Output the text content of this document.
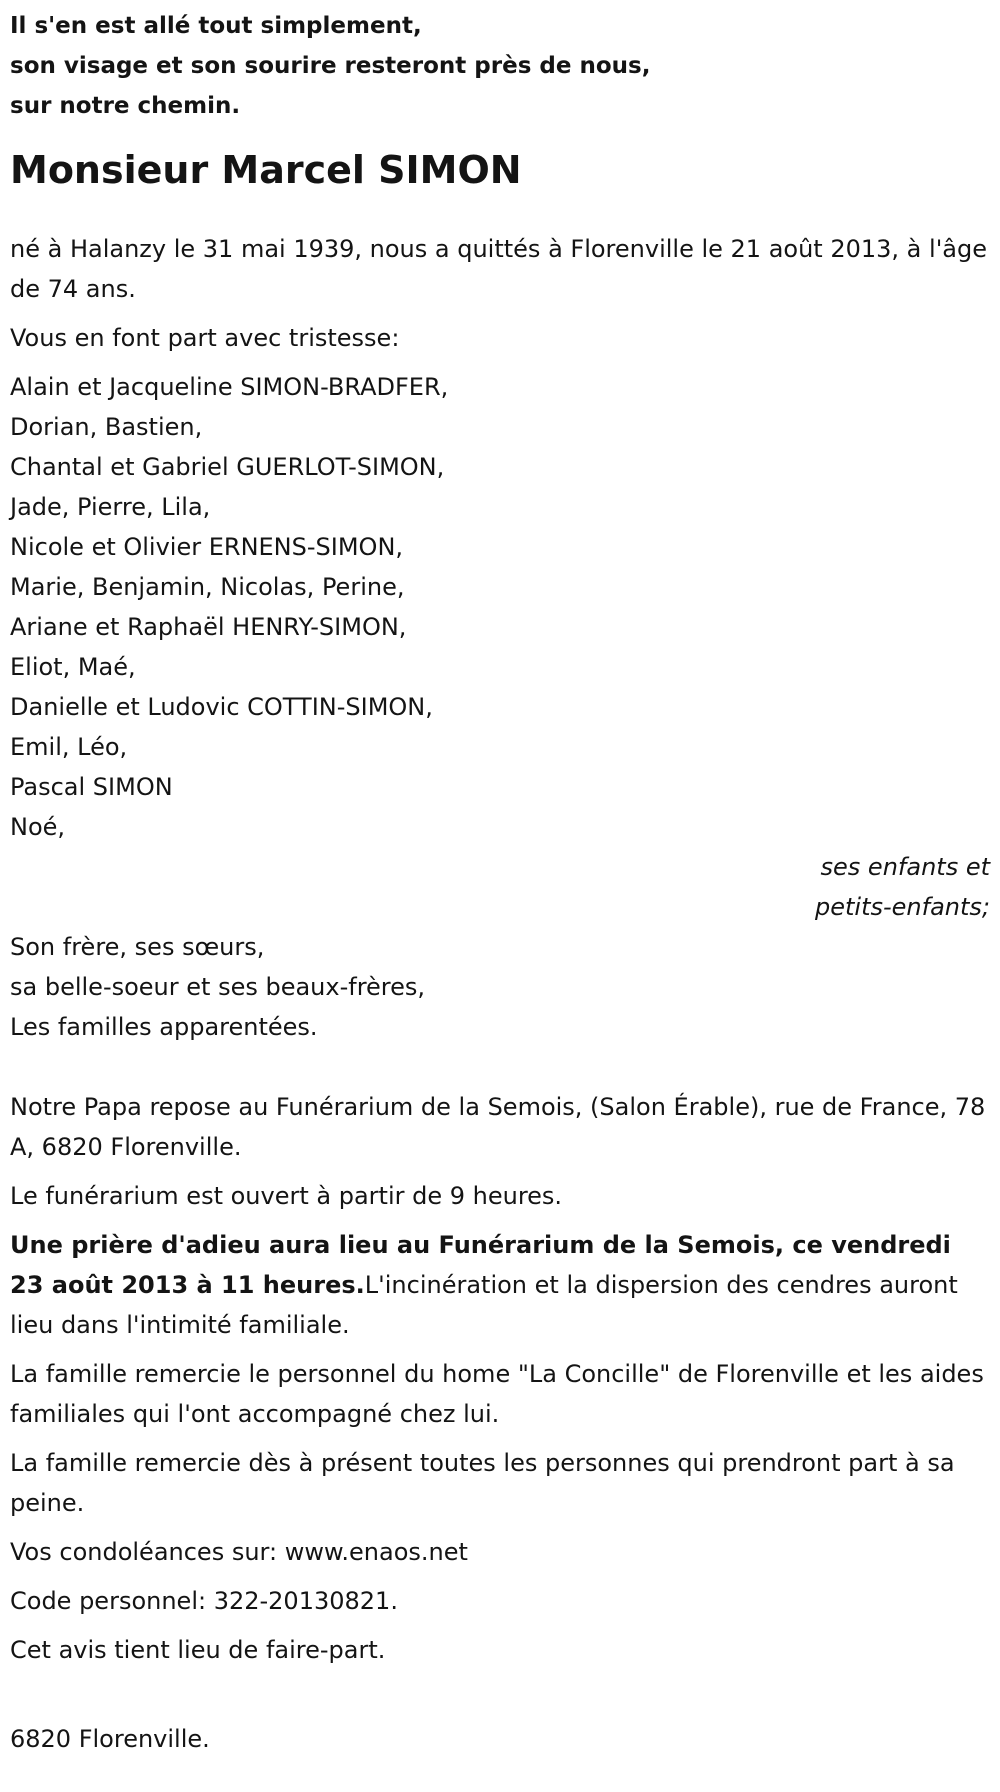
Il s'en est allé tout simplement,
son visage et son sourire resteront près de nous,
sur notre chemin.
Monsieur Marcel SIMON

né à Halanzy le 31 mai 1939, nous a quittés à Florenville le 21 août 2013, à l'âge de 74 ans.

Vous en font part avec tristesse:

Alain et Jacqueline SIMON-BRADFER,
Dorian, Bastien,
Chantal et Gabriel GUERLOT-SIMON,
Jade, Pierre, Lila,
Nicole et Olivier ERNENS-SIMON,
Marie, Benjamin, Nicolas, Perine,
Ariane et Raphaël HENRY-SIMON,
Eliot, Maé,
Danielle et Ludovic COTTIN-SIMON,
Emil, Léo,
Pascal SIMON
Noé,
ses enfants et
petits-enfants;
Son frère, ses sœurs,
sa belle-soeur et ses beaux-frères,
Les familles apparentées.

Notre Papa repose au Funérarium de la Semois, (Salon Érable), rue de France, 78 A, 6820 Florenville.

Le funérarium est ouvert à partir de 9 heures.

Une prière d'adieu aura lieu au Funérarium de la Semois, ce vendredi 23 août 2013 à 11 heures.L'incinération et la dispersion des cendres auront lieu dans l'intimité familiale.

La famille remercie le personnel du home "La Concille" de Florenville et les aides familiales qui l'ont accompagné chez lui.

La famille remercie dès à présent toutes les personnes qui prendront part à sa peine.

Vos condoléances sur: www.enaos.net

Code personnel: 322-20130821.

Cet avis tient lieu de faire-part.

6820 Florenville.
